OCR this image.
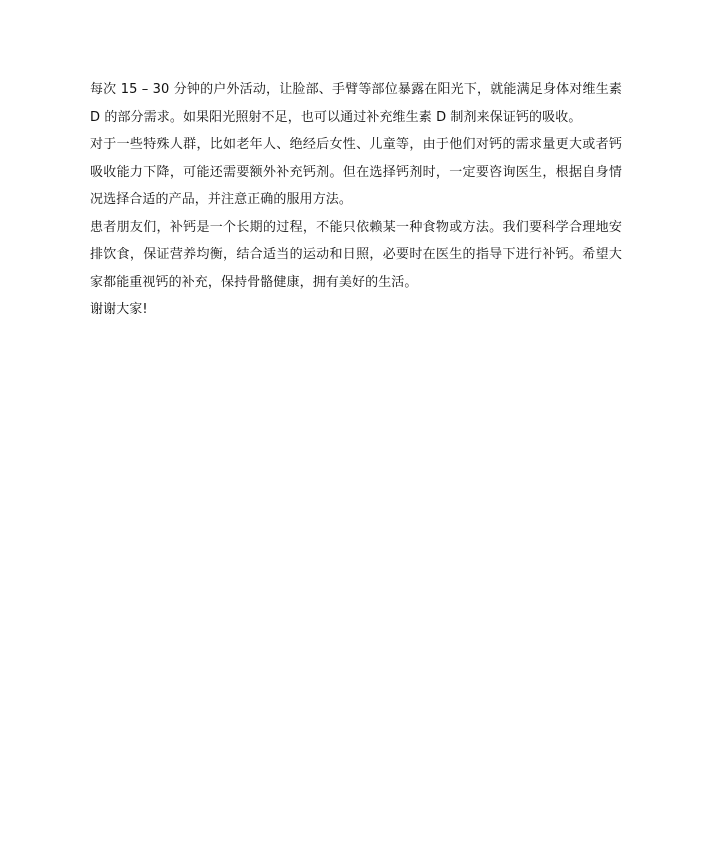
每次 15 – 30 分钟的户外活动，让脸部、手臂等部位暴露在阳光下，就能满足身体对维生素 D 的部分需求。如果阳光照射不足，也可以通过补充维生素 D 制剂来保证钙的吸收。

对于一些特殊人群，比如老年人、绝经后女性、儿童等，由于他们对钙的需求量更大或者钙吸收能力下降，可能还需要额外补充钙剂。但在选择钙剂时，一定要咨询医生，根据自身情况选择合适的产品，并注意正确的服用方法。

患者朋友们，补钙是一个长期的过程，不能只依赖某一种食物或方法。我们要科学合理地安排饮食，保证营养均衡，结合适当的运动和日照，必要时在医生的指导下进行补钙。希望大家都能重视钙的补充，保持骨骼健康，拥有美好的生活。

谢谢大家!
